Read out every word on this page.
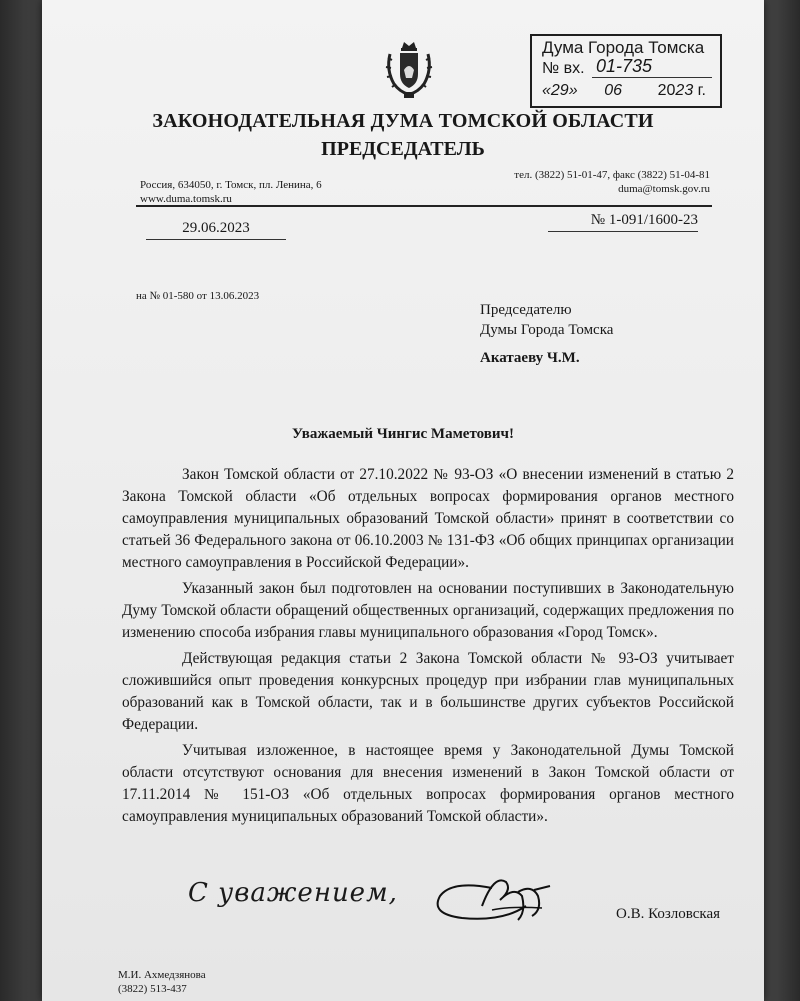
Дума Города Томска
№ вх. 01-735
«29» 06 2023 г.
ЗАКОНОДАТЕЛЬНАЯ ДУМА ТОМСКОЙ ОБЛАСТИ
ПРЕДСЕДАТЕЛЬ
Россия, 634050, г. Томск, пл. Ленина, 6
www.duma.tomsk.ru
тел. (3822) 51-01-47, факс (3822) 51-04-81
duma@tomsk.gov.ru
29.06.2023	№ 1-091/1600-23
на № 01-580 от 13.06.2023
Председателю
Думы Города Томска
Акатаеву Ч.М.
Уважаемый Чингис Маметович!

Закон Томской области от 27.10.2022 № 93-ОЗ «О внесении изменений в статью 2 Закона Томской области «Об отдельных вопросах формирования органов местного самоуправления муниципальных образований Томской области» принят в соответствии со статьей 36 Федерального закона от 06.10.2003 № 131-ФЗ «Об общих принципах организации местного самоуправления в Российской Федерации».

Указанный закон был подготовлен на основании поступивших в Законодательную Думу Томской области обращений общественных организаций, содержащих предложения по изменению способа избрания главы муниципального образования «Город Томск».

Действующая редакция статьи 2 Закона Томской области № 93-ОЗ учитывает сложившийся опыт проведения конкурсных процедур при избрании глав муниципальных образований как в Томской области, так и в большинстве других субъектов Российской Федерации.

Учитывая изложенное, в настоящее время у Законодательной Думы Томской области отсутствуют основания для внесения изменений в Закон Томской области от 17.11.2014 № 151-ОЗ «Об отдельных вопросах формирования органов местного самоуправления муниципальных образований Томской области».

С уважением,
О.В. Козловская
М.И. Ахмедзянова
(3822) 513-437
